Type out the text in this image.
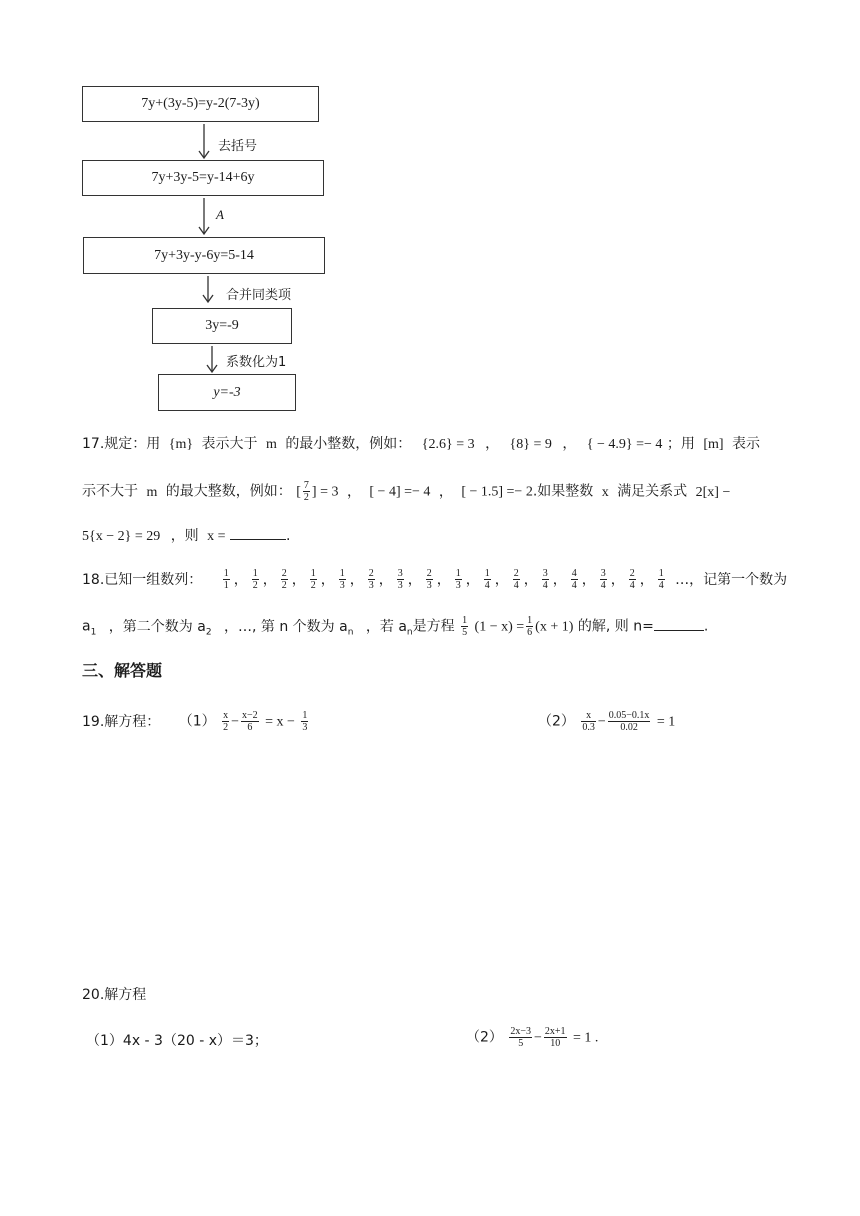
7y+(3y-5)=y-2(7-3y)
去括号
7y+3y-5=y-14+6y
A
7y+3y-y-6y=5-14
合并同类项
3y=-9
系数化为1
y=-3
17.规定：用 {m} 表示大于 m 的最小整数，例如： {2.6} = 3 ， {8} = 9 ， { − 4.9} =− 4 ；用 [m] 表示
示不大于 m 的最大整数，例如： [ $\frac{7}{2}$ ] = 3 ， [ − 4] =− 4 ， [ − 1.5] =− 2.如果整数 x 满足关系式 2[x] −
5{x − 2} = 29 ，则 x =	.
18.已知一组数列： $\frac{1}{1}$ ， $\frac{1}{2}$ ， $\frac{2}{2}$ ， $\frac{1}{2}$ ， $\frac{1}{3}$ ， $\frac{2}{3}$ ， $\frac{3}{3}$ ， $\frac{2}{3}$ ， $\frac{1}{3}$ ， $\frac{1}{4}$ ， $\frac{2}{4}$ ， $\frac{3}{4}$ ， $\frac{4}{4}$ ， $\frac{3}{4}$ ， $\frac{2}{4}$ ， $\frac{1}{4}$ …，记第一个数为
$a_1$ ，第二个数为 $a_2$ ，…, 第 n 个数为 $a_n$ ，若 $a_n$是方程 $\frac{1}{5} (1 - x) = \frac{1}{6} (x + 1)$ 的解, 则 n=	.
三、解答题
19.解方程： $(1) \frac{x}{2} - \frac{x-2}{6} = x - \frac{1}{3}$	$(2) \frac{x}{0.3} - \frac{0.05-0.1x}{0.02} = 1$
20.解方程
（1）4x - 3（20 - x）＝3；	$(2) \frac{2x-3}{5} - \frac{2x+1}{10} = 1$ .
